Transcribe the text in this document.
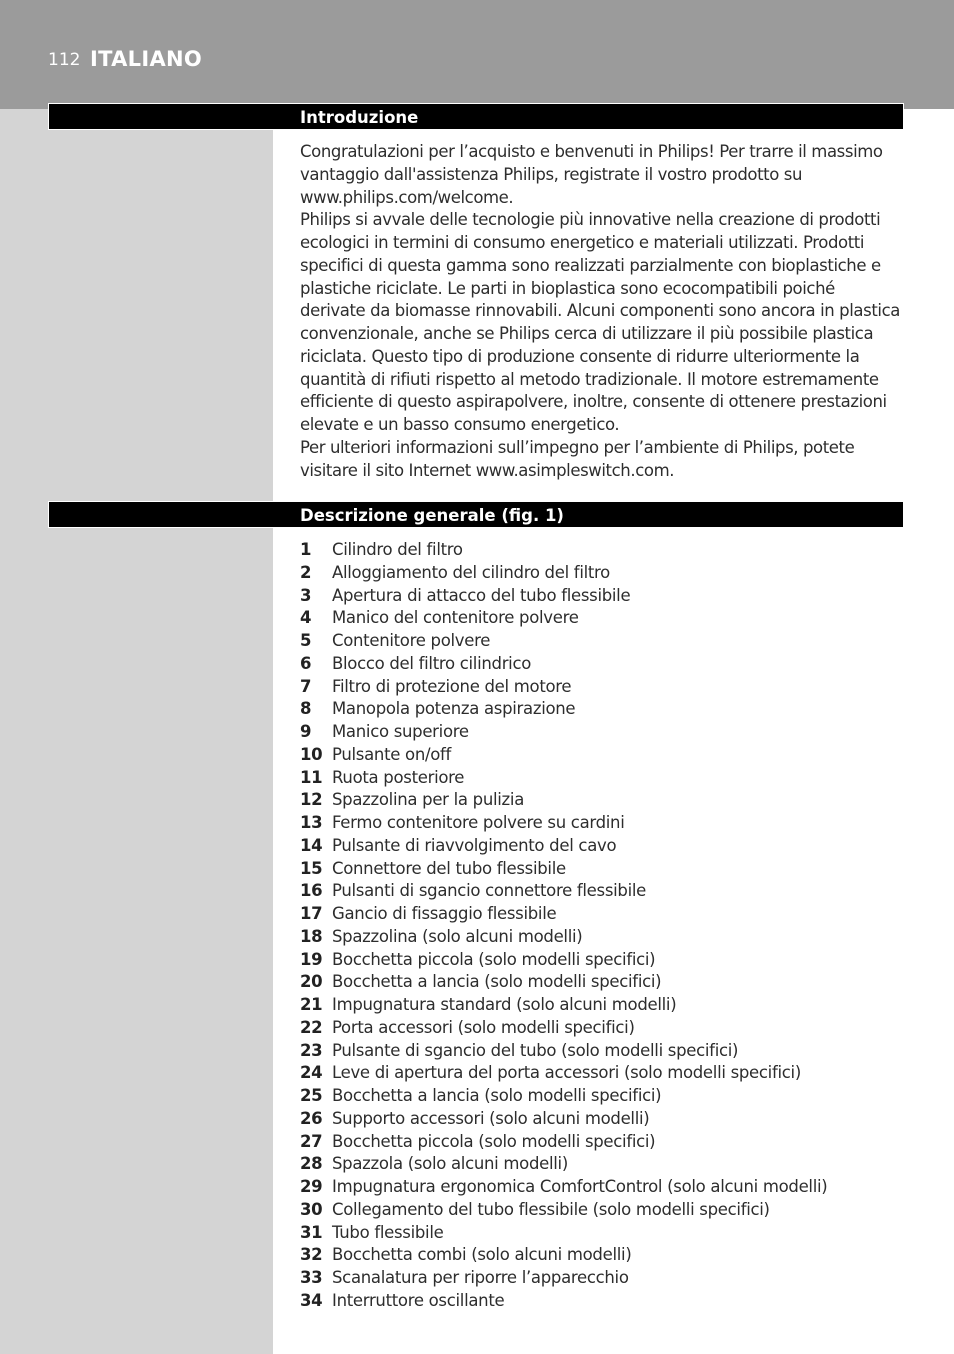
112 ITALIANO
Introduzione

Congratulazioni per l’acquisto e benvenuti in Philips! Per trarre il massimo vantaggio dall'assistenza Philips, registrate il vostro prodotto su www.philips.com/welcome.

Philips si avvale delle tecnologie più innovative nella creazione di prodotti ecologici in termini di consumo energetico e materiali utilizzati. Prodotti specifici di questa gamma sono realizzati parzialmente con bioplastiche e plastiche riciclate. Le parti in bioplastica sono ecocompatibili poiché derivate da biomasse rinnovabili. Alcuni componenti sono ancora in plastica convenzionale, anche se Philips cerca di utilizzare il più possibile plastica riciclata. Questo tipo di produzione consente di ridurre ulteriormente la quantità di rifiuti rispetto al metodo tradizionale. Il motore estremamente efficiente di questo aspirapolvere, inoltre, consente di ottenere prestazioni elevate e un basso consumo energetico.

Per ulteriori informazioni sull’impegno per l’ambiente di Philips, potete visitare il sito Internet www.asimpleswitch.com.

Descrizione generale (fig. 1)
1 Cilindro del filtro
2 Alloggiamento del cilindro del filtro
3 Apertura di attacco del tubo flessibile
4 Manico del contenitore polvere
5 Contenitore polvere
6 Blocco del filtro cilindrico
7 Filtro di protezione del motore
8 Manopola potenza aspirazione
9 Manico superiore
10 Pulsante on/off
11 Ruota posteriore
12 Spazzolina per la pulizia
13 Fermo contenitore polvere su cardini
14 Pulsante di riavvolgimento del cavo
15 Connettore del tubo flessibile
16 Pulsanti di sgancio connettore flessibile
17 Gancio di fissaggio flessibile
18 Spazzolina (solo alcuni modelli)
19 Bocchetta piccola (solo modelli specifici)
20 Bocchetta a lancia (solo modelli specifici)
21 Impugnatura standard (solo alcuni modelli)
22 Porta accessori (solo modelli specifici)
23 Pulsante di sgancio del tubo (solo modelli specifici)
24 Leve di apertura del porta accessori (solo modelli specifici)
25 Bocchetta a lancia (solo modelli specifici)
26 Supporto accessori (solo alcuni modelli)
27 Bocchetta piccola (solo modelli specifici)
28 Spazzola (solo alcuni modelli)
29 Impugnatura ergonomica ComfortControl (solo alcuni modelli)
30 Collegamento del tubo flessibile (solo modelli specifici)
31 Tubo flessibile
32 Bocchetta combi (solo alcuni modelli)
33 Scanalatura per riporre l’apparecchio
34 Interruttore oscillante
